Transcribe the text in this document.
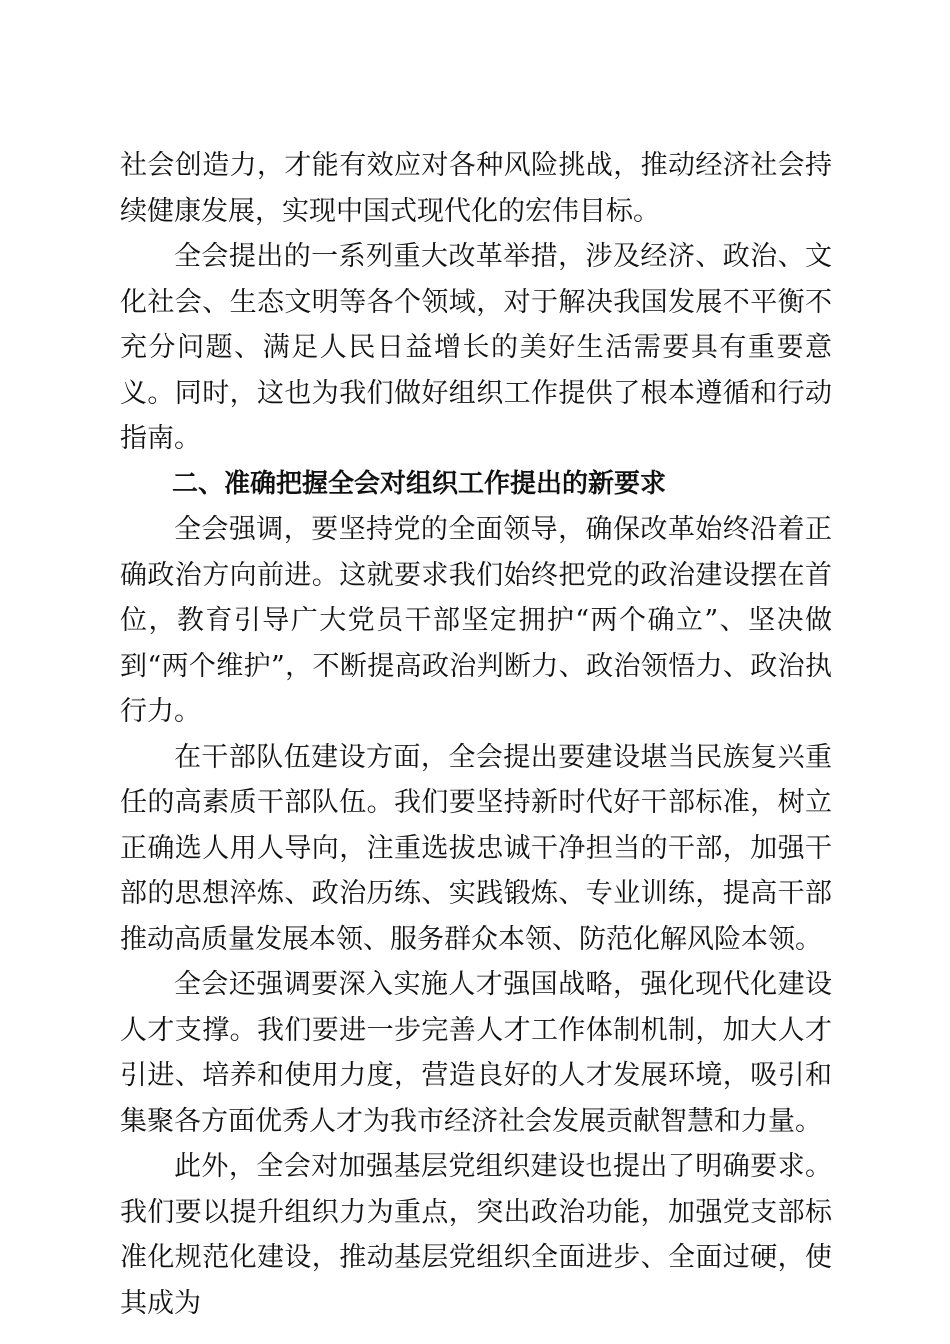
社会创造力，才能有效应对各种风险挑战，推动经济社会持续健康发展，实现中国式现代化的宏伟目标。

全会提出的一系列重大改革举措，涉及经济、政治、文化社会、生态文明等各个领域，对于解决我国发展不平衡不充分问题、满足人民日益增长的美好生活需要具有重要意义。同时，这也为我们做好组织工作提供了根本遵循和行动指南。

二、准确把握全会对组织工作提出的新要求

全会强调，要坚持党的全面领导，确保改革始终沿着正确政治方向前进。这就要求我们始终把党的政治建设摆在首位，教育引导广大党员干部坚定拥护“两个确立”、坚决做到“两个维护”，不断提高政治判断力、政治领悟力、政治执行力。

在干部队伍建设方面，全会提出要建设堪当民族复兴重任的高素质干部队伍。我们要坚持新时代好干部标准，树立正确选人用人导向，注重选拔忠诚干净担当的干部，加强干部的思想淬炼、政治历练、实践锻炼、专业训练，提高干部推动高质量发展本领、服务群众本领、防范化解风险本领。

全会还强调要深入实施人才强国战略，强化现代化建设人才支撑。我们要进一步完善人才工作体制机制，加大人才引进、培养和使用力度，营造良好的人才发展环境，吸引和集聚各方面优秀人才为我市经济社会发展贡献智慧和力量。

此外，全会对加强基层党组织建设也提出了明确要求。我们要以提升组织力为重点，突出政治功能，加强党支部标准化规范化建设，推动基层党组织全面进步、全面过硬，使其成为
